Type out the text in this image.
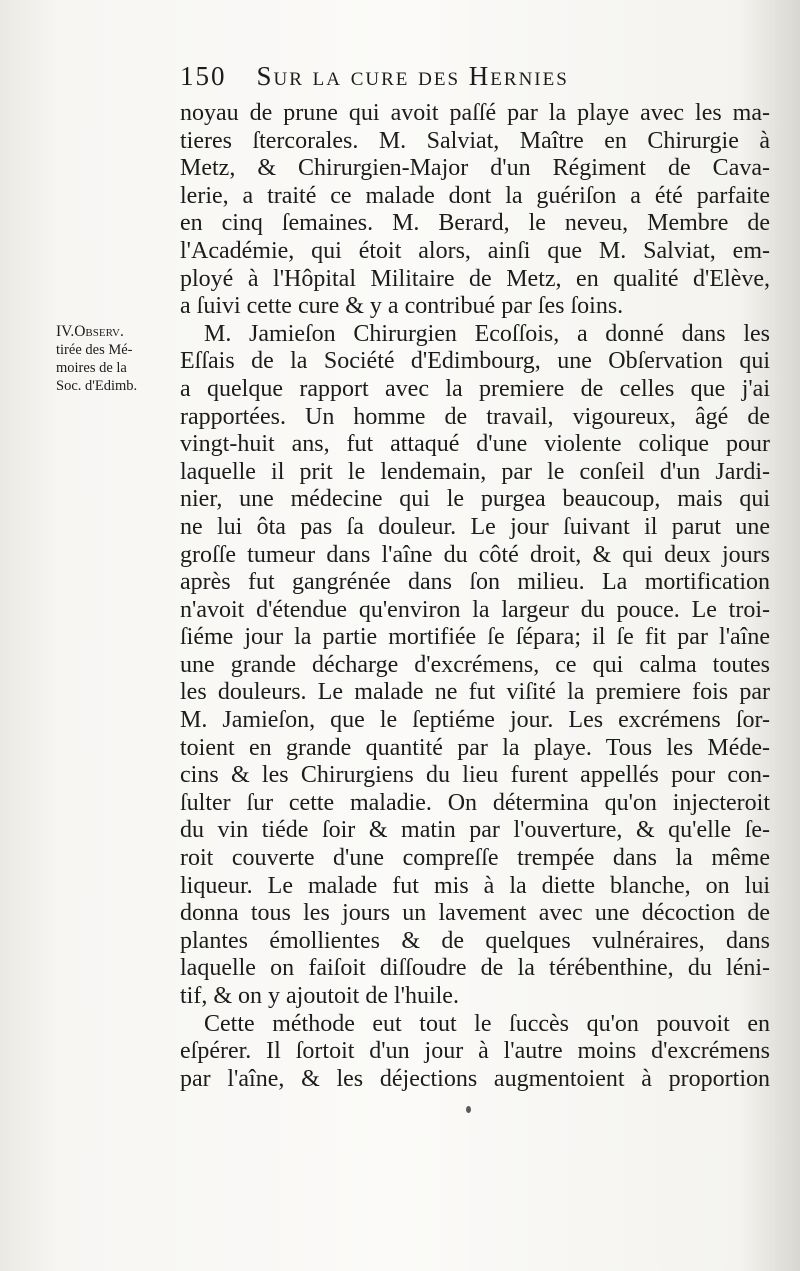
150 Sur la cure des Hernies
IV.Observ.
tirée des Mé-
moires de la
Soc. d'Edimb.
noyau de prune qui avoit paſſé par la playe avec les ma-
tieres ſtercorales. M. Salviat, Maître en Chirurgie à
Metz, & Chirurgien-Major d'un Régiment de Cava-
lerie, a traité ce malade dont la guériſon a été parfaite
en cinq ſemaines. M. Berard, le neveu, Membre de
l'Académie, qui étoit alors, ainſi que M. Salviat, em-
ployé à l'Hôpital Militaire de Metz, en qualité d'Elève,
a ſuivi cette cure & y a contribué par ſes ſoins.
M. Jamieſon Chirurgien Ecoſſois, a donné dans les
Eſſais de la Société d'Edimbourg, une Obſervation qui
a quelque rapport avec la premiere de celles que j'ai
rapportées. Un homme de travail, vigoureux, âgé de
vingt-huit ans, fut attaqué d'une violente colique pour
laquelle il prit le lendemain, par le conſeil d'un Jardi-
nier, une médecine qui le purgea beaucoup, mais qui
ne lui ôta pas ſa douleur. Le jour ſuivant il parut une
groſſe tumeur dans l'aîne du côté droit, & qui deux jours
après fut gangrénée dans ſon milieu. La mortification
n'avoit d'étendue qu'environ la largeur du pouce. Le troi-
ſiéme jour la partie mortifiée ſe ſépara; il ſe fit par l'aîne
une grande décharge d'excrémens, ce qui calma toutes
les douleurs. Le malade ne fut viſité la premiere fois par
M. Jamieſon, que le ſeptiéme jour. Les excrémens ſor-
toient en grande quantité par la playe. Tous les Méde-
cins & les Chirurgiens du lieu furent appellés pour con-
ſulter ſur cette maladie. On détermina qu'on injecteroit
du vin tiéde ſoir & matin par l'ouverture, & qu'elle ſe-
roit couverte d'une compreſſe trempée dans la même
liqueur. Le malade fut mis à la diette blanche, on lui
donna tous les jours un lavement avec une décoction de
plantes émollientes & de quelques vulnéraires, dans
laquelle on faiſoit diſſoudre de la térébenthine, du léni-
tif, & on y ajoutoit de l'huile.
Cette méthode eut tout le ſuccès qu'on pouvoit en
eſpérer. Il ſortoit d'un jour à l'autre moins d'excrémens
par l'aîne, & les déjections augmentoient à proportion
